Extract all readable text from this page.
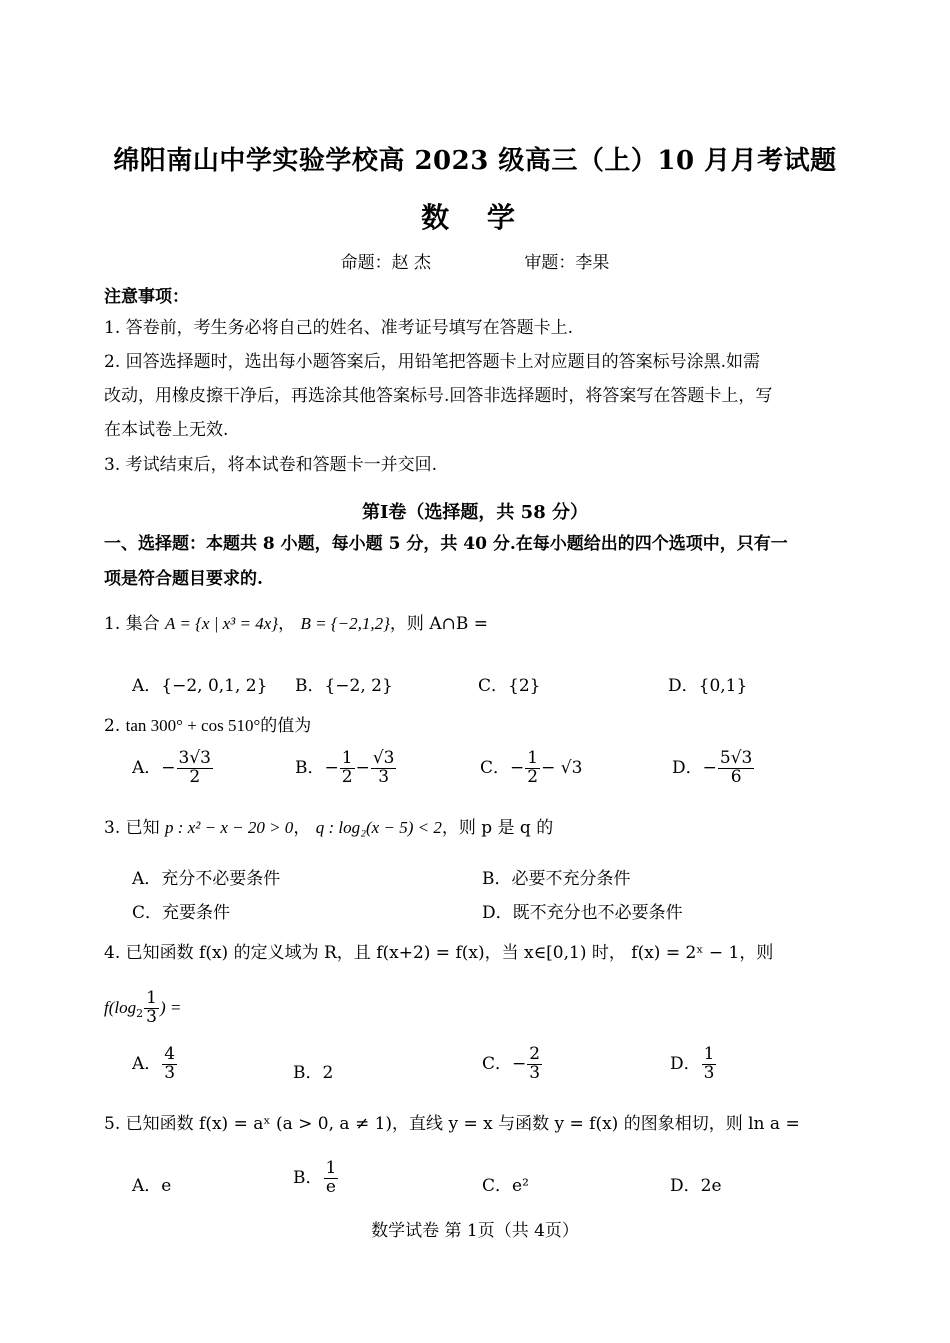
绵阳南山中学实验学校高 2023 级高三（上）10 月月考试题
数 学
命题：赵 杰	审题：李果
注意事项：
1. 答卷前，考生务必将自己的姓名、准考证号填写在答题卡上.
2. 回答选择题时，选出每小题答案后，用铅笔把答题卡上对应题目的答案标号涂黑.如需
改动，用橡皮擦干净后，再选涂其他答案标号.回答非选择题时，将答案写在答题卡上，写
在本试卷上无效.
3. 考试结束后，将本试卷和答题卡一并交回.
第Ⅰ卷（选择题，共 58 分）
一、选择题：本题共 8 小题，每小题 5 分，共 40 分.在每小题给出的四个选项中，只有一
项是符合题目要求的.
1. 集合 A = {x | x³ = 4x}， B = {−2,1,2}，则 A∩B =
A．{−2, 0,1, 2} B．{−2, 2}	C．{2}	D．{0,1}
2. tan 300° + cos 510°的值为
A．− $\frac{3√3}{2}$	B．− $\frac{1}{2} - \frac{√3}{3}$	C．− $\frac{1}{2} - √3$	D．− $\frac{5√3}{6}$
3. 已知 p : x² − x − 20 > 0， q : log₂(x − 5) < 2，则 p 是 q 的
A．充分不必要条件	B．必要不充分条件
C．充要条件	D．既不充分也不必要条件
4. 已知函数 f(x) 的定义域为 R，且 f(x+2) = f(x)，当 x∈[0,1) 时， f(x) = 2ˣ − 1，则
$f(\log_2 \frac{1}{3}$ ) =
A． $\frac{4}{3}$	B．2	C．− $\frac{2}{3}$	D． $\frac{1}{3}$
5. 已知函数 f(x) = aˣ (a > 0, a ≠ 1)，直线 y = x 与函数 y = f(x) 的图象相切，则 ln a =
A．e	B． $\frac{1}{e}$	C．e²	D．2e
数学试卷 第 1页（共 4页）
